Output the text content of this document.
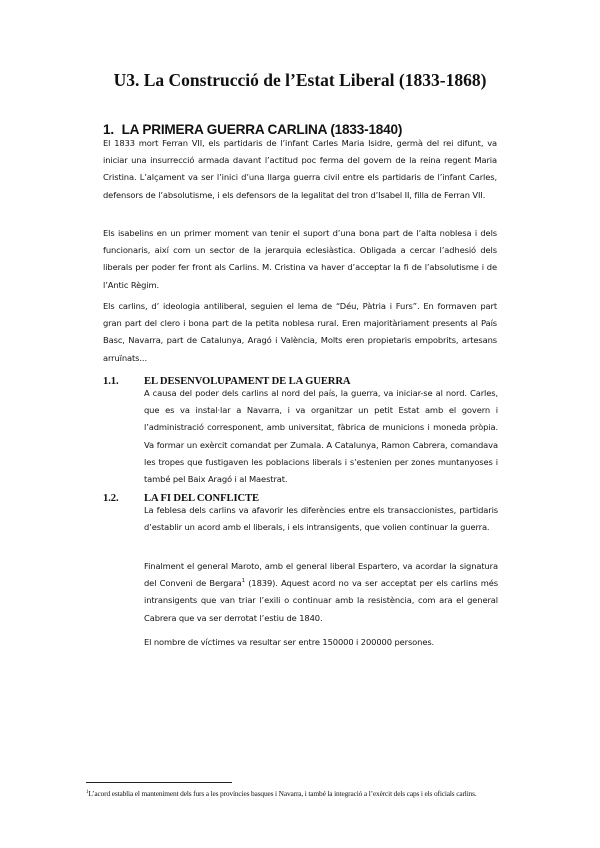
U3. La Construcció de l’Estat Liberal (1833-1868)
1. LA PRIMERA GUERRA CARLINA (1833-1840)

El 1833 mort Ferran VII, els partidaris de l’infant Carles Maria Isidre, germà del rei difunt, va iniciar una insurrecció armada davant l’actitud poc ferma del govern de la reina regent Maria Cristina. L’alçament va ser l’inici d’una llarga guerra civil entre els partidaris de l’infant Carles, defensors de l’absolutisme, i els defensors de la legalitat del tron d’Isabel II, filla de Ferran VII.

Els isabelins en un primer moment van tenir el suport d’una bona part de l’alta noblesa i dels funcionaris, així com un sector de la jerarquia eclesiàstica. Obligada a cercar l’adhesió dels liberals per poder fer front als Carlins. M. Cristina va haver d’acceptar la fi de l’absolutisme i de l’Antic Règim.

Els carlins, d’ ideologia antiliberal, seguien el lema de “Déu, Pàtria i Furs”. En formaven part gran part del clero i bona part de la petita noblesa rural. Eren majoritàriament presents al País Basc, Navarra, part de Catalunya, Aragó i València, Molts eren propietaris empobrits, artesans arruïnats...

1.1. EL DESENVOLUPAMENT DE LA GUERRA

A causa del poder dels carlins al nord del país, la guerra, va iniciar-se al nord. Carles, que es va instal·lar a Navarra, i va organitzar un petit Estat amb el govern i l’administració corresponent, amb universitat, fàbrica de municions i moneda pròpia. Va formar un exèrcit comandat per Zumala. A Catalunya, Ramon Cabrera, comandava les tropes que fustigaven les poblacions liberals i s’estenien per zones muntanyoses i també pel Baix Aragó i al Maestrat.

1.2. LA FI DEL CONFLICTE

La feblesa dels carlins va afavorir les diferències entre els transaccionistes, partidaris d’establir un acord amb el liberals, i els intransigents, que volien continuar la guerra.

Finalment el general Maroto, amb el general liberal Espartero, va acordar la signatura del Conveni de Bergara$^1$ (1839). Aquest acord no va ser acceptat per els carlins més intransigents que van triar l’exili o continuar amb la resistència, com ara el general Cabrera que va ser derrotat l’estiu de 1840.

El nombre de víctimes va resultar ser entre 150000 i 200000 persones.

$^1$L’acord establia el manteniment dels furs a les províncies basques i Navarra, i també la integració a l’exèrcit dels caps i els oficials carlins.
